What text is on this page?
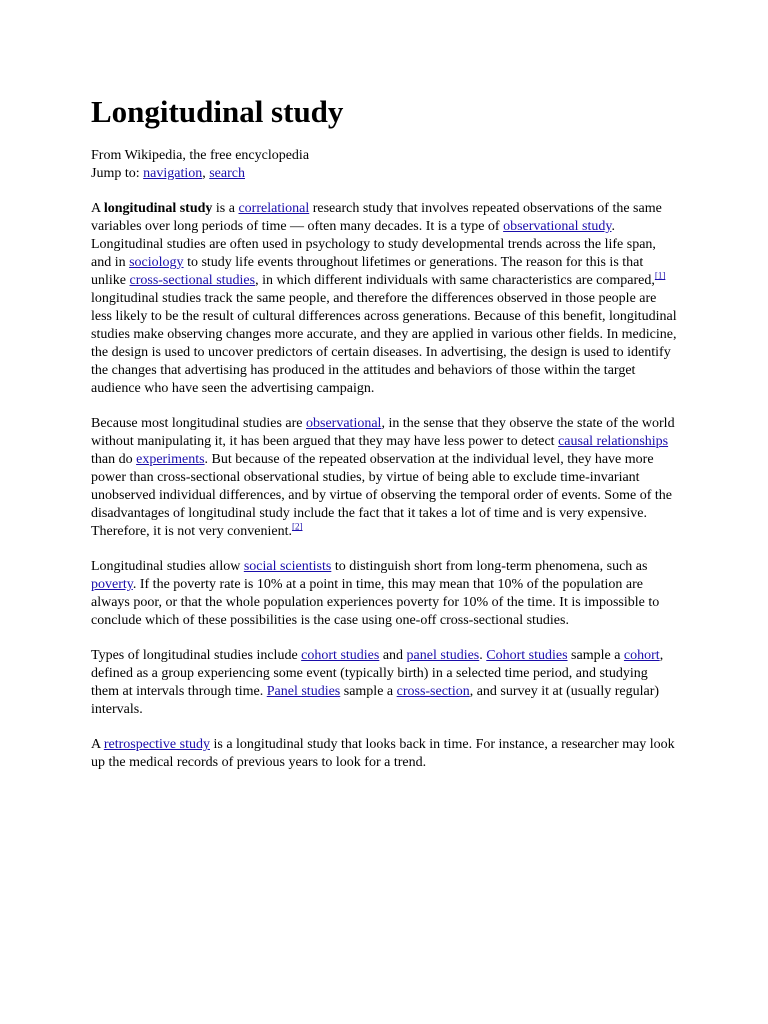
Longitudinal study
From Wikipedia, the free encyclopedia
Jump to: navigation, search

A longitudinal study is a correlational research study that involves repeated observations of the same variables over long periods of time — often many decades. It is a type of observational study. Longitudinal studies are often used in psychology to study developmental trends across the life span, and in sociology to study life events throughout lifetimes or generations. The reason for this is that unlike cross-sectional studies, in which different individuals with same characteristics are compared,[1] longitudinal studies track the same people, and therefore the differences observed in those people are less likely to be the result of cultural differences across generations. Because of this benefit, longitudinal studies make observing changes more accurate, and they are applied in various other fields. In medicine, the design is used to uncover predictors of certain diseases. In advertising, the design is used to identify the changes that advertising has produced in the attitudes and behaviors of those within the target audience who have seen the advertising campaign.

Because most longitudinal studies are observational, in the sense that they observe the state of the world without manipulating it, it has been argued that they may have less power to detect causal relationships than do experiments. But because of the repeated observation at the individual level, they have more power than cross-sectional observational studies, by virtue of being able to exclude time-invariant unobserved individual differences, and by virtue of observing the temporal order of events. Some of the disadvantages of longitudinal study include the fact that it takes a lot of time and is very expensive. Therefore, it is not very convenient.[2]

Longitudinal studies allow social scientists to distinguish short from long-term phenomena, such as poverty. If the poverty rate is 10% at a point in time, this may mean that 10% of the population are always poor, or that the whole population experiences poverty for 10% of the time. It is impossible to conclude which of these possibilities is the case using one-off cross-sectional studies.

Types of longitudinal studies include cohort studies and panel studies. Cohort studies sample a cohort, defined as a group experiencing some event (typically birth) in a selected time period, and studying them at intervals through time. Panel studies sample a cross-section, and survey it at (usually regular) intervals.

A retrospective study is a longitudinal study that looks back in time. For instance, a researcher may look up the medical records of previous years to look for a trend.
